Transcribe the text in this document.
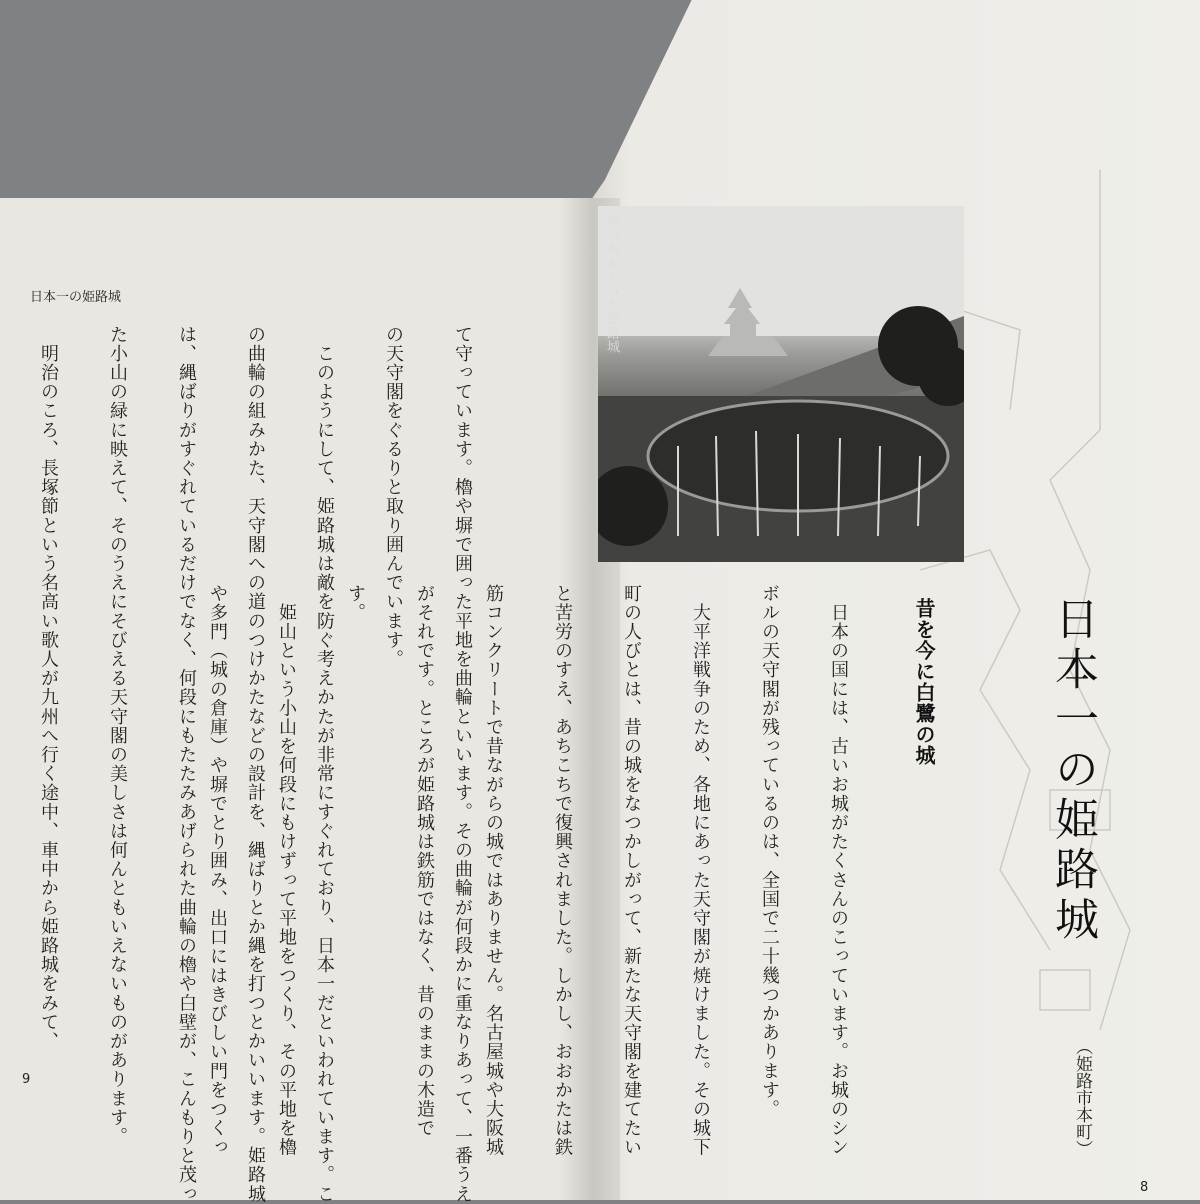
日本一の姫路城
9

	て守っています。櫓や塀で囲った平地を曲輪といいます。その曲輪が何段かに重なりあって、一番うえ

の天守閣をぐるりと取り囲んでいます。

　このようにして、姫路城は敵を防ぐ考えかたが非常にすぐれており、日本一だといわれています。こ

の曲輪の組みかた、天守閣への道のつけかたなどの設計を、縄ばりとか縄を打つとかいいます。姫路城

は、縄ばりがすぐれているだけでなく、何段にもたたみあげられた曲輪の櫓や白壁が、こんもりと茂っ

た小山の緑に映えて、そのうえにそびえる天守閣の美しさは何んともいえないものがあります。

　明治のころ、長塚節という名高い歌人が九州へ行く途中、車中から姫路城をみて、

西の丸からみた姫路城
日本一の姫路城
（姫路市本町）
昔を今に白鷺の城

　日本の国には、古いお城がたくさんのこっています。お城のシン

ボルの天守閣が残っているのは、全国で二十幾つかあります。

　大平洋戦争のため、各地にあった天守閣が焼けました。その城下

町の人びとは、昔の城をなつかしがって、新たな天守閣を建てたい

と苦労のすえ、あちこちで復興されました。しかし、おおかたは鉄

筋コンクリートで昔ながらの城ではありません。名古屋城や大阪城

がそれです。ところが姫路城は鉄筋ではなく、昔のままの木造で

す。

　姫山という小山を何段にもけずって平地をつくり、その平地を櫓

や多門（城の倉庫）や塀でとり囲み、出口にはきびしい門をつくっ

8
